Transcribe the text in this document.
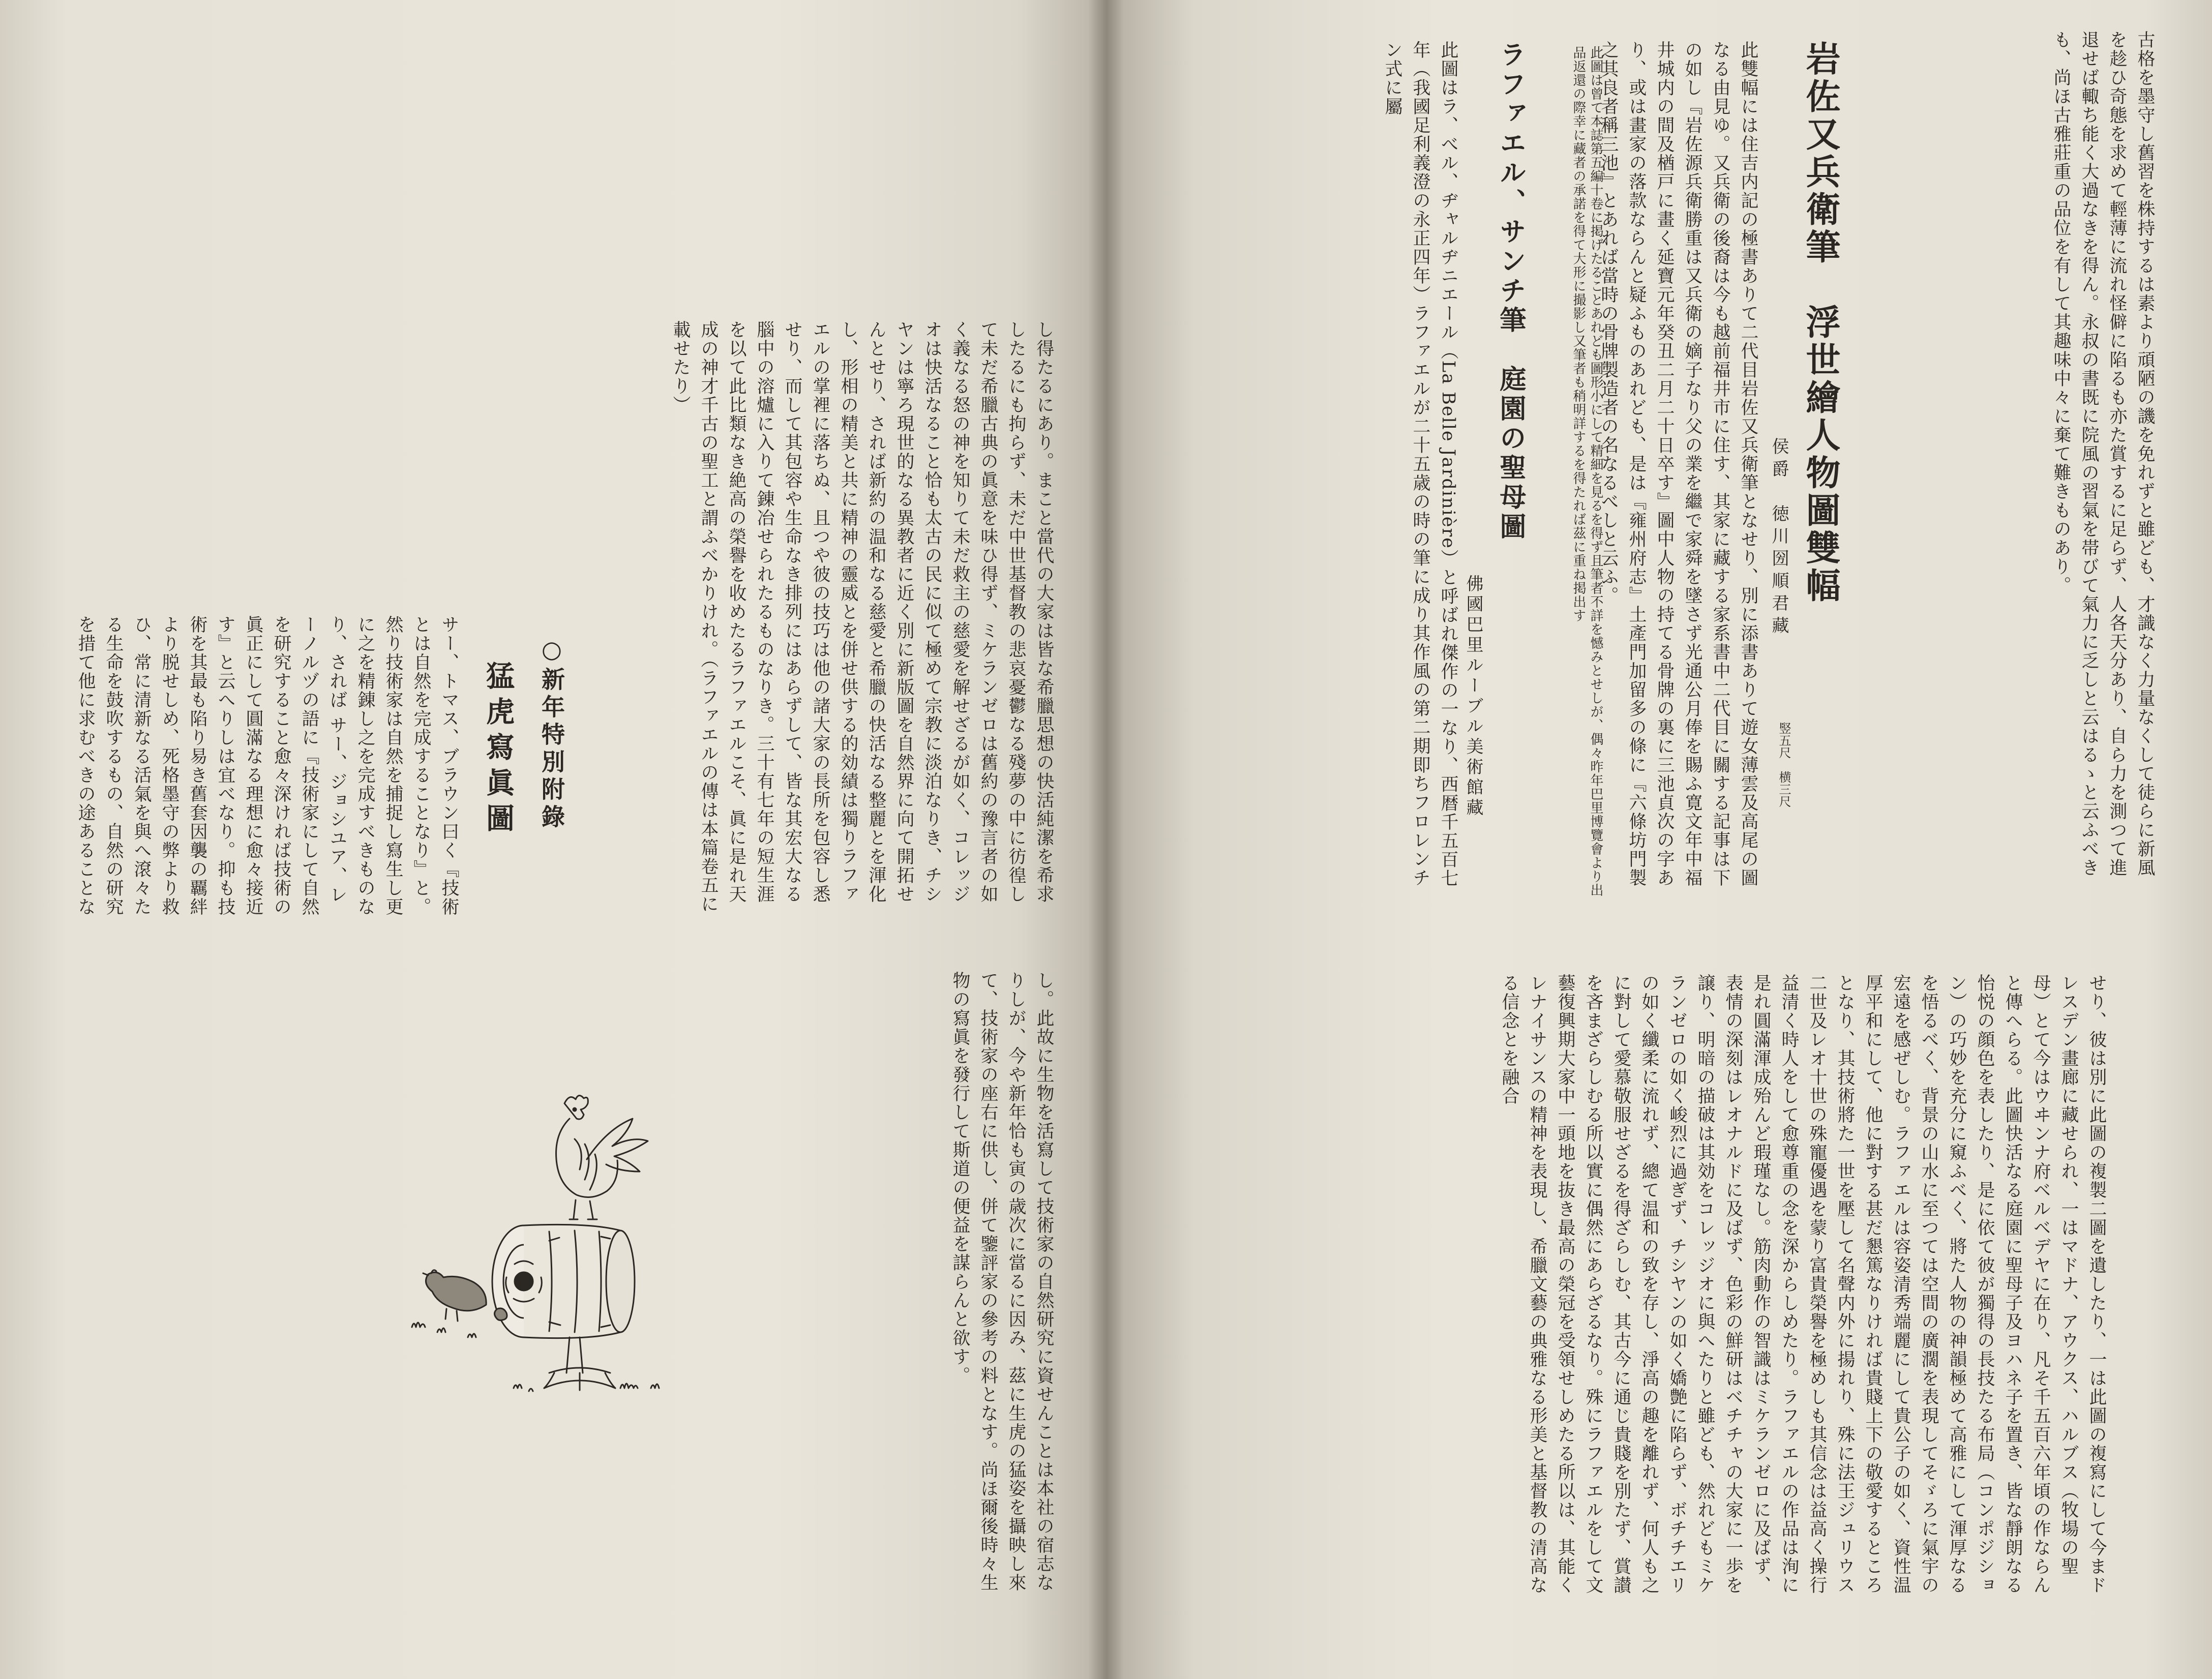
し得たるにあり。まこと當代の大家は皆な希臘思想の快活純潔を希求したるにも拘らず、未だ中世基督教の悲哀憂鬱なる殘夢の中に彷徨して未だ希臘古典の眞意を味ひ得ず、ミケランゼロは舊約の豫言者の如く義なる怒の神を知りて未だ救主の慈愛を解せざるが如く、コレッジオは快活なること恰も太古の民に似て極めて宗教に淡泊なりき、チシヤンは寧ろ現世的なる異教者に近く別に新版圖を自然界に向て開拓せんとせり、されば新約の温和なる慈愛と希臘の快活なる整麗とを渾化し、形相の精美と共に精神の靈威とを併せ供する的効績は獨りラファエルの掌裡に落ちぬ、且つや彼の技巧は他の諸大家の長所を包容し悉せり、而して其包容や生命なき排列にはあらずして、皆な其宏大なる腦中の溶爐に入りて錬冶せられたるものなりき。三十有七年の短生涯を以て此比類なき絶高の榮譽を收めたるラファエルこそ、眞に是れ天成の神才千古の聖工と謂ふべかりけれ。（ラファエルの傳は本篇卷五に載せたり）
○新年特別附錄
猛虎寫眞圖
サー、トマス、ブラウン曰く『技術とは自然を完成することなり』と。然り技術家は自然を捕捉し寫生し更に之を精錬し之を完成すべきものなり、されば サー、ジョシユア、レーノルヅの語に『技術家にして自然を研究すること愈々深ければ技術の眞正にして圓滿なる理想に愈々接近す』と云へりしは宜べなり。抑も技術を其最も陷り易き舊套因襲の覊絆より脱せしめ、死格墨守の弊より救ひ、常に清新なる活氣を與へ滾々たる生命を鼓吹するもの、自然の研究を措て他に求むべきの途あることな
し。此故に生物を活寫して技術家の自然研究に資せんことは本社の宿志なりしが、今や新年恰も寅の歳次に當るに因み、茲に生虎の猛姿を攝映し來て、技術家の座右に供し、併て鑒評家の參考の料となす。尚ほ爾後時々生物の寫眞を發行して斯道の便益を謀らんと欲す。
古格を墨守し舊習を株持するは素より頑陋の譏を免れずと雖ども、才識なく力量なくして徒らに新風を趁ひ奇態を求めて輕薄に流れ怪僻に陷るも亦た賞するに足らず、人各天分あり、自ら力を測つて進退せば輙ち能く大過なきを得ん。永叔の書既に院風の習氣を帯びて氣力に乏しと云はるゝと云ふべきも、尚ほ古雅莊重の品位を有して其趣味中々に棄て難きものあり。
岩佐又兵衛筆　浮世繪人物圖雙幅
侯爵　徳川圀順君藏
竪五尺　横三尺
此雙幅には住吉内記の極書ありて二代目岩佐又兵衛筆となせり、別に添書ありて遊女薄雲及高尾の圖なる由見ゆ。又兵衛の後裔は今も越前福井市に住す、其家に藏する家系書中二代目に關する記事は下の如し『岩佐源兵衛勝重は又兵衛の嫡子なり父の業を繼で家舜を墜さず光通公月俸を賜ふ寛文年中福井城内の間及楢戸に畫く延寶元年癸丑二月二十日卒す』圖中人物の持てる骨牌の裏に三池貞次の字あり、或は畫家の落款ならんと疑ふものあれども、是は『雍州府志』土產門加留多の條に『六條坊門製之其良者稱三池』とあれば當時の骨牌製造者の名なるべしと云ふ。
此圖は曾て本誌第五編十卷に掲げたることあれども圖形小にして精細を見るを得ず且筆者不詳を憾みとせしが、偶々昨年巴里博覽會より出品返還の際幸に藏者の承諾を得て大形に撮影し又筆者も稍明詳するを得たれば茲に重ね掲出す
ラファエル、サンチ筆　庭園の聖母圖
佛國巴里ルーブル美術館藏
此圖はラ、べル、ヂャルヂニエール（La Belle Jardinière）と呼ばれ傑作の一なり、西暦千五百七年（我國足利義澄の永正四年）ラファエルが二十五歳の時の筆に成り其作風の第二期即ちフロレンチン式に屬
せり、彼は別に此圖の複製二圖を遺したり、一は此圖の複寫にして今まドレスデン畫廊に藏せられ、一はマドナ、アウクス、ハルブス（牧場の聖母）とて今はウヰンナ府ベルベデヤに在り、凡そ千五百六年頃の作ならんと傳へらる。此圖快活なる庭園に聖母子及ヨハネ子を置き、皆な靜朗なる怡悦の顔色を表したり、是に依て彼が獨得の長技たる布局（コンポジション）の巧妙を充分に窺ふべく、將た人物の神韻極めて高雅にして渾厚なるを悟るべく、背景の山水に至つては空間の廣濶を表現してそゞろに氣宇の宏遠を感ぜしむ。ラファエルは容姿清秀端麗にして貴公子の如く、資性温厚平和にして、他に對する甚だ懇篤なりければ貴賤上下の敬愛するところとなり、其技術將た一世を壓して名聲内外に揚れり、殊に法王ジュリウス二世及レオ十世の殊寵優遇を蒙り富貴榮譽を極めしも其信念は益高く操行益清く時人をして愈尊重の念を深からしめたり。ラファエルの作品は洵に是れ圓滿渾成殆んど瑕瑾なし。筋肉動作の智識はミケランゼロに及ばず、表情の深刻はレオナルドに及ばず、色彩の鮮研はベチチャの大家に一歩を譲り、明暗の描破は其効をコレッジオに與へたりと雖ども、然れどもミケランゼロの如く峻烈に過ぎず、チシヤンの如く嬌艶に陷らず、ボチチエリの如く纖柔に流れず、總て温和の致を存し、淨高の趣を離れず、何人も之に對して愛慕敬服せざるを得ざらしむ、其古今に通じ貴賤を別たず、賞讃を吝まざらしむる所以實に偶然にあらざるなり。殊にラファエルをして文藝復興期大家中一頭地を抜き最高の榮冠を受領せしめたる所以は、其能くレナイサンスの精神を表現し、希臘文藝の典雅なる形美と基督教の清高なる信念とを融合
